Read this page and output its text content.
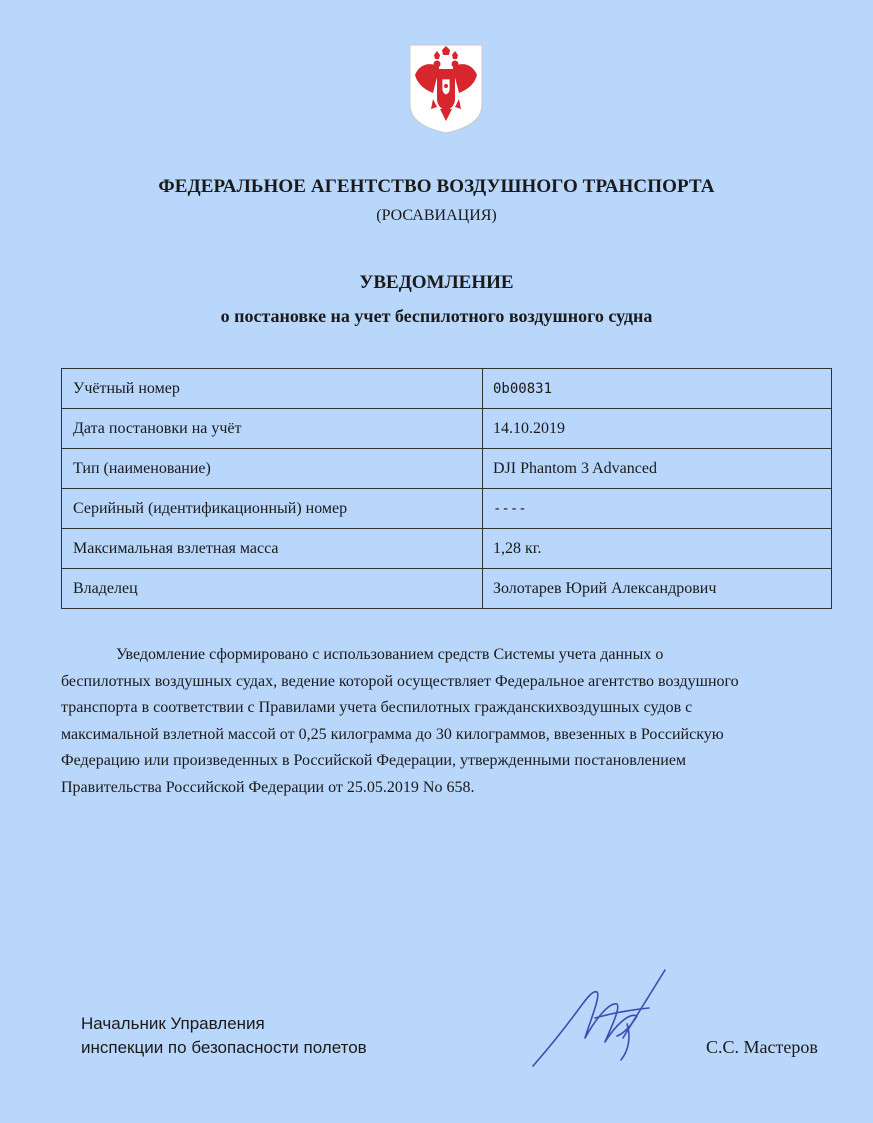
ФЕДЕРАЛЬНОЕ АГЕНТСТВО ВОЗДУШНОГО ТРАНСПОРТА
(РОСАВИАЦИЯ)
УВЕДОМЛЕНИЕ
о постановке на учет беспилотного воздушного судна
Учётный номер	0b00831
Дата постановки на учёт	14.10.2019
Тип (наименование)	DJI Phantom 3 Advanced
Серийный (идентификационный) номер	----
Максимальная взлетная масса	1,28 кг.
Владелец	Золотарев Юрий Александрович
Уведомление сформировано с использованием средств Системы учета данных о
беспилотных воздушных судах, ведение которой осуществляет Федеральное агентство воздушного
транспорта в соответствии с Правилами учета беспилотных гражданскихвоздушных судов с
максимальной взлетной массой от 0,25 килограмма до 30 килограммов, ввезенных в Российскую
Федерацию или произведенных в Российской Федерации, утвержденными постановлением
Правительства Российской Федерации от 25.05.2019 No 658.
Начальник Управления
инспекции по безопасности полетов	С.С. Мастеров
